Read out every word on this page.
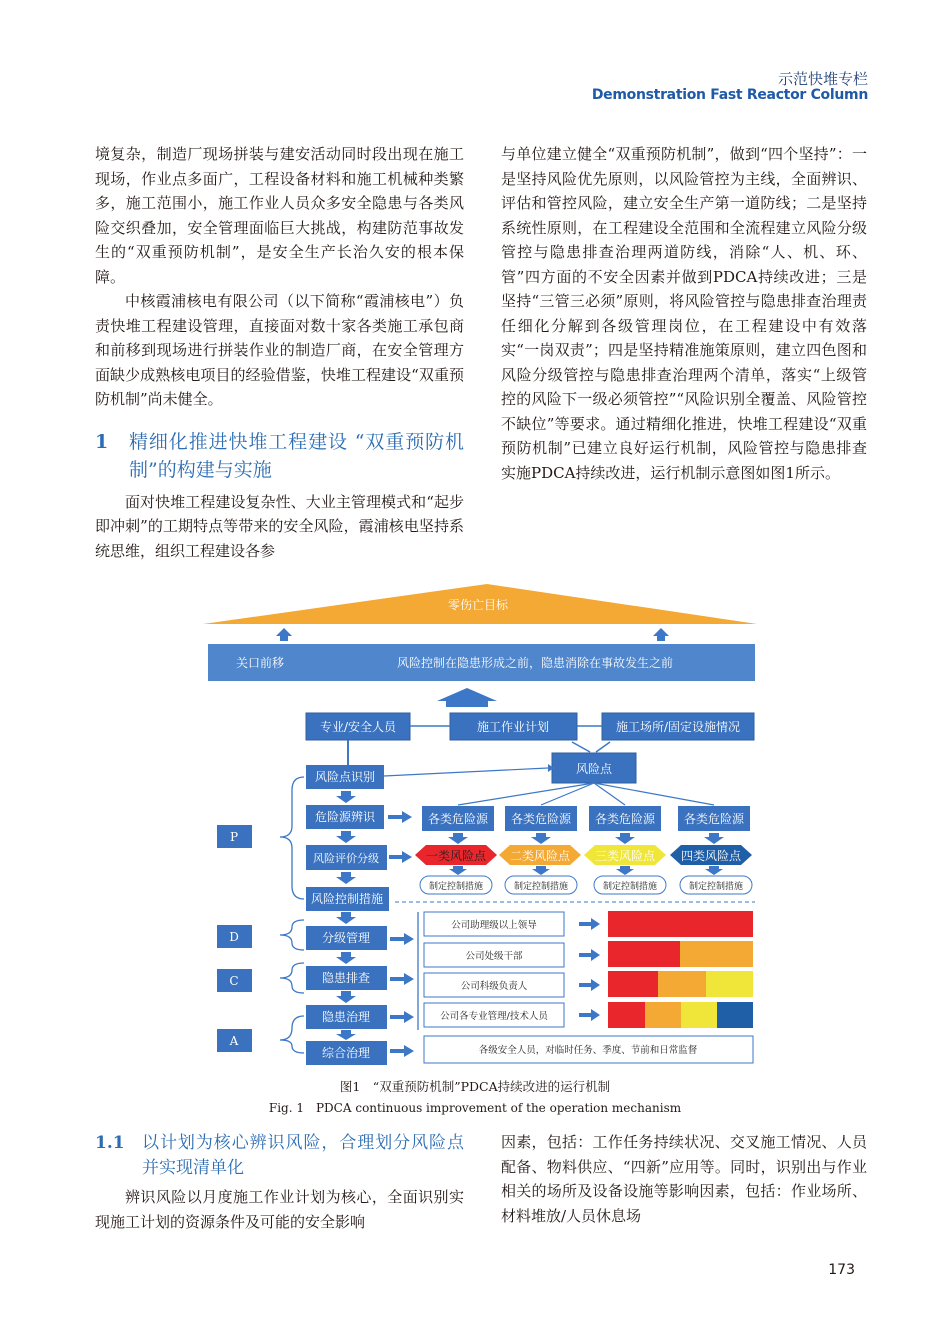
示范快堆专栏
Demonstration Fast Reactor Column

境复杂，制造厂现场拼装与建安活动同时段出现在施工现场，作业点多面广，工程设备材料和施工机械种类繁多，施工范围小，施工作业人员众多安全隐患与各类风险交织叠加，安全管理面临巨大挑战，构建防范事故发生的“双重预防机制”，是安全生产长治久安的根本保障。

中核霞浦核电有限公司（以下简称“霞浦核电”）负责快堆工程建设管理，直接面对数十家各类施工承包商和前移到现场进行拼装作业的制造厂商，在安全管理方面缺少成熟核电项目的经验借鉴，快堆工程建设“双重预防机制”尚未健全。

1	精细化推进快堆工程建设 “双重预防机制”的构建与实施

面对快堆工程建设复杂性、大业主管理模式和“起步即冲刺”的工期特点等带来的安全风险，霞浦核电坚持系统思维，组织工程建设各参

与单位建立健全“双重预防机制”，做到“四个坚持”：一是坚持风险优先原则，以风险管控为主线，全面辨识、评估和管控风险，建立安全生产第一道防线；二是坚持系统性原则，在工程建设全范围和全流程建立风险分级管控与隐患排查治理两道防线，消除“人、机、环、管”四方面的不安全因素并做到PDCA持续改进；三是坚持“三管三必须”原则，将风险管控与隐患排查治理责任细化分解到各级管理岗位，在工程建设中有效落实“一岗双责”；四是坚持精准施策原则，建立四色图和风险分级管控与隐患排查治理两个清单，落实“上级管控的风险下一级必须管控”“风险识别全覆盖、风险管控不缺位”等要求。通过精细化推进，快堆工程建设“双重预防机制”已建立良好运行机制，风险管控与隐患排查实施PDCA持续改进，运行机制示意图如图1所示。

零伤亡目标
关口前移	风险控制在隐患形成之前，隐患消除在事故发生之前
专业/安全人员	施工作业计划	施工场所/固定设施情况
风险点
风险点识别
危险源辨识
风险评价分级
风险控制措施
分级管理
隐患排查
隐患治理
综合治理
P
D
C
A
各类危险源 各类危险源 各类危险源 各类危险源
一类风险点 二类风险点 三类风险点 四类风险点
制定控制措施	制定控制措施	制定控制措施	制定控制措施
公司助理级以上领导
公司处级干部
公司科级负责人
公司各专业管理/技术人员
各级安全人员，对临时任务、季度、节前和日常监督
图1　“双重预防机制”PDCA持续改进的运行机制
Fig. 1　PDCA continuous improvement of the operation mechanism
1.1	以计划为核心辨识风险，合理划分风险点并实现清单化

辨识风险以月度施工作业计划为核心，全面识别实现施工计划的资源条件及可能的安全影响

因素，包括：工作任务持续状况、交叉施工情况、人员配备、物料供应、“四新”应用等。同时，识别出与作业相关的场所及设备设施等影响因素，包括：作业场所、材料堆放/人员休息场

173
